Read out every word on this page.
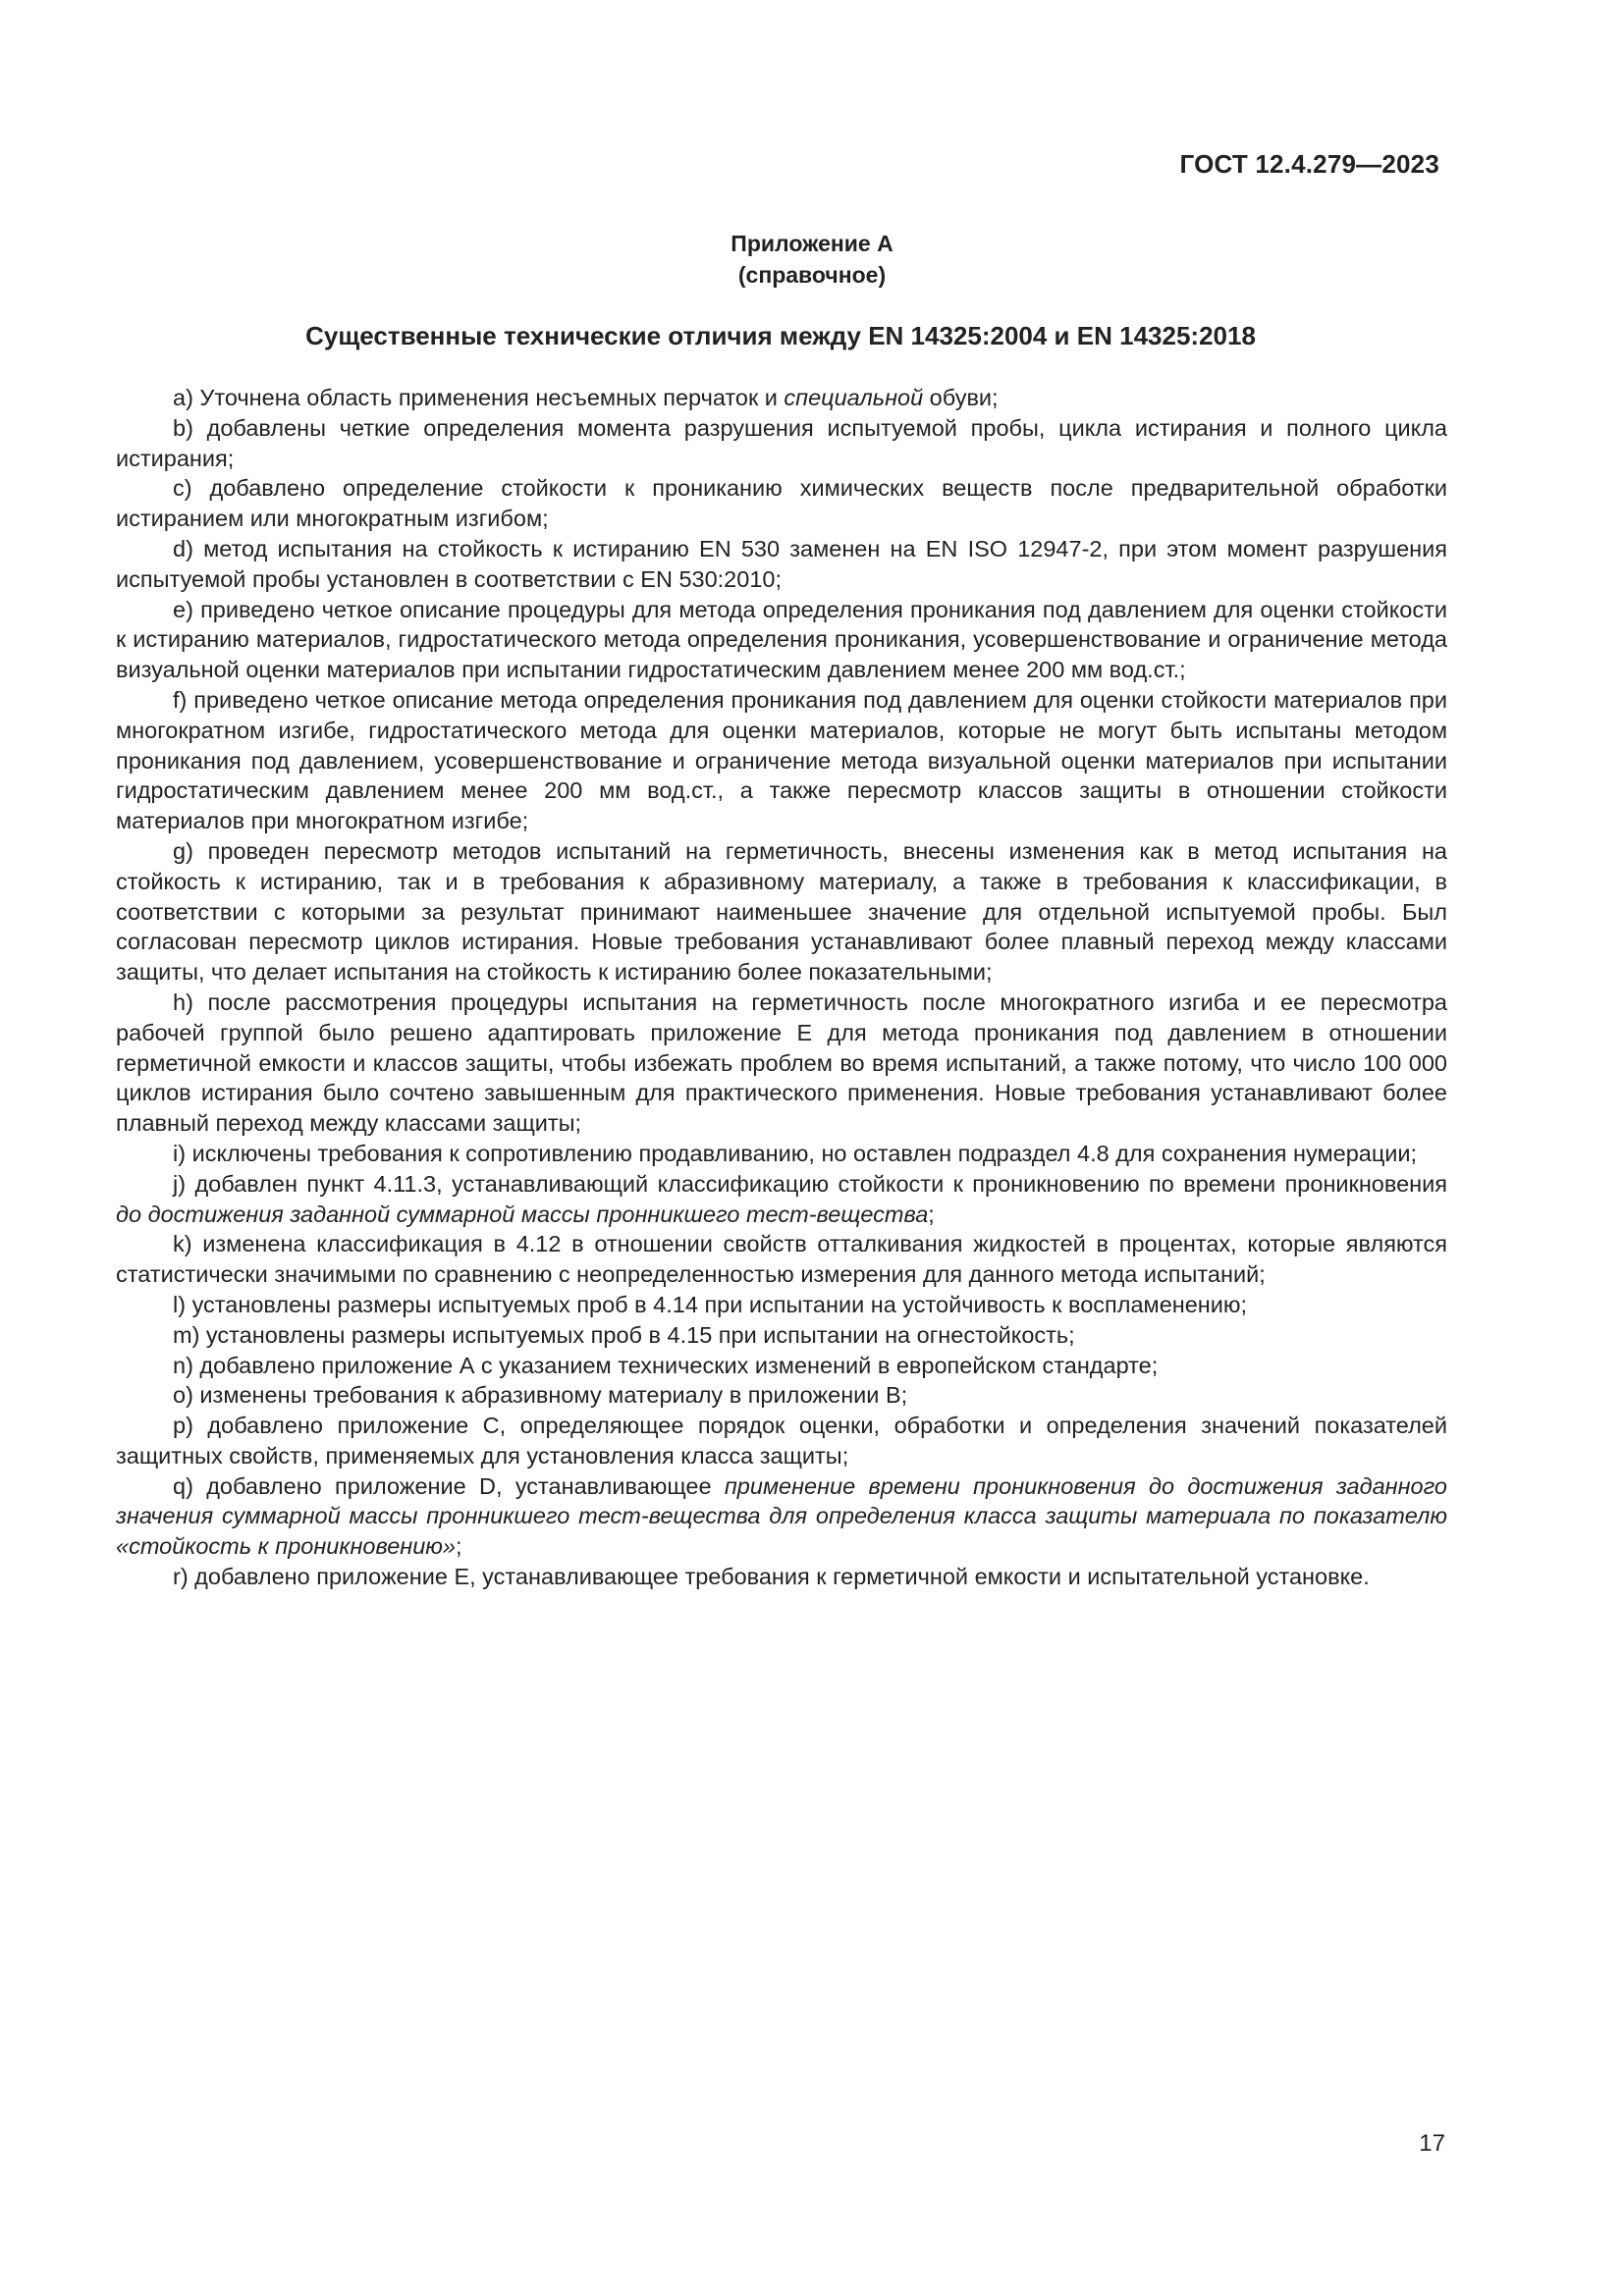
ГОСТ 12.4.279—2023
Приложение А
(справочное)
Существенные технические отличия между EN 14325:2004 и EN 14325:2018

а) Уточнена область применения несъемных перчаток и специальной обуви;

b) добавлены четкие определения момента разрушения испытуемой пробы, цикла истирания и полного цикла истирания;

с) добавлено определение стойкости к прониканию химических веществ после предварительной обработки истиранием или многократным изгибом;

d) метод испытания на стойкость к истиранию EN 530 заменен на EN ISO 12947-2, при этом момент разрушения испытуемой пробы установлен в соответствии с EN 530:2010;

е) приведено четкое описание процедуры для метода определения проникания под давлением для оценки стойкости к истиранию материалов, гидростатического метода определения проникания, усовершенствование и ограничение метода визуальной оценки материалов при испытании гидростатическим давлением менее 200 мм вод.ст.;

f) приведено четкое описание метода определения проникания под давлением для оценки стойкости материалов при многократном изгибе, гидростатического метода для оценки материалов, которые не могут быть испытаны методом проникания под давлением, усовершенствование и ограничение метода визуальной оценки материалов при испытании гидростатическим давлением менее 200 мм вод.ст., а также пересмотр классов защиты в отношении стойкости материалов при многократном изгибе;

g) проведен пересмотр методов испытаний на герметичность, внесены изменения как в метод испытания на стойкость к истиранию, так и в требования к абразивному материалу, а также в требования к классификации, в соответствии с которыми за результат принимают наименьшее значение для отдельной испытуемой пробы. Был согласован пересмотр циклов истирания. Новые требования устанавливают более плавный переход между классами защиты, что делает испытания на стойкость к истиранию более показательными;

h) после рассмотрения процедуры испытания на герметичность после многократного изгиба и ее пересмотра рабочей группой было решено адаптировать приложение Е для метода проникания под давлением в отношении герметичной емкости и классов защиты, чтобы избежать проблем во время испытаний, а также потому, что число 100 000 циклов истирания было сочтено завышенным для практического применения. Новые требования устанавливают более плавный переход между классами защиты;

i) исключены требования к сопротивлению продавливанию, но оставлен подраздел 4.8 для сохранения нумерации;

j) добавлен пункт 4.11.3, устанавливающий классификацию стойкости к проникновению по времени проникновения до достижения заданной суммарной массы пронникшего тест-вещества;

k) изменена классификация в 4.12 в отношении свойств отталкивания жидкостей в процентах, которые являются статистически значимыми по сравнению с неопределенностью измерения для данного метода испытаний;

l) установлены размеры испытуемых проб в 4.14 при испытании на устойчивость к воспламенению;

m) установлены размеры испытуемых проб в 4.15 при испытании на огнестойкость;

n) добавлено приложение А с указанием технических изменений в европейском стандарте;

о) изменены требования к абразивному материалу в приложении В;

р) добавлено приложение С, определяющее порядок оценки, обработки и определения значений показателей защитных свойств, применяемых для установления класса защиты;

q) добавлено приложение D, устанавливающее применение времени проникновения до достижения заданного значения суммарной массы пронникшего тест-вещества для определения класса защиты материала по показателю «стойкость к проникновению»;

r) добавлено приложение Е, устанавливающее требования к герметичной емкости и испытательной установке.

17
